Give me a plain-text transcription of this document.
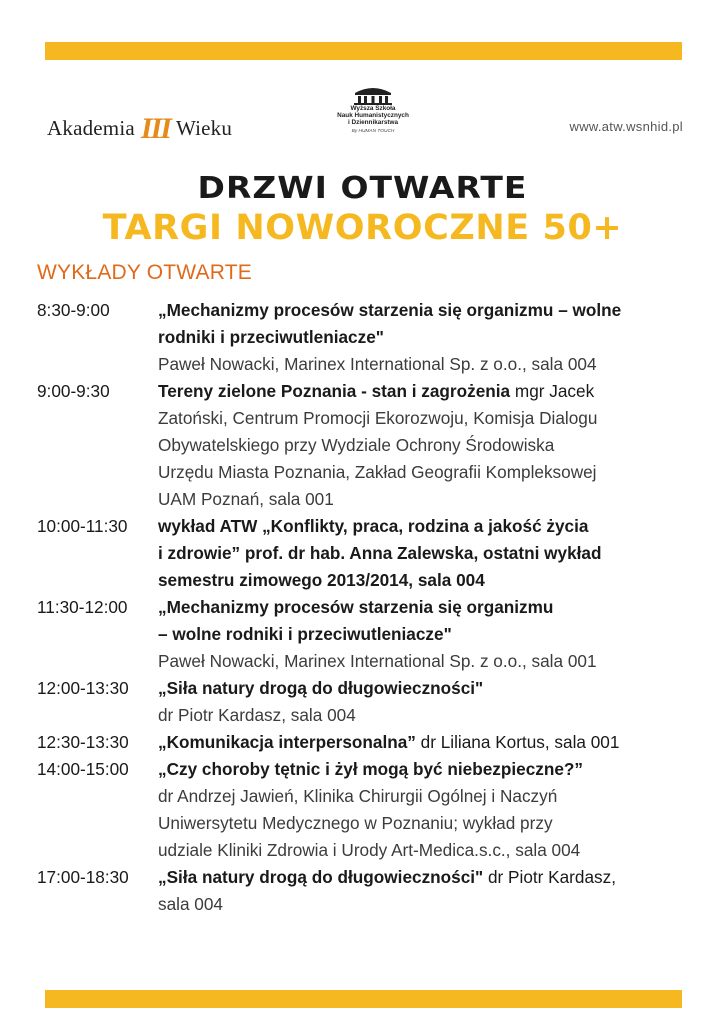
Akademia III Wieku
Wyższa Szkoła
Nauk Humanistycznych
i Dziennikarstwa
By HUMAN TOUCH	www.atw.wsnhid.pl
DRZWI OTWARTE
TARGI NOWOROCZNE 50+
WYKŁADY OTWARTE
8:30-9:00	„Mechanizmy procesów starzenia się organizmu – wolne
rodniki i przeciwutleniacze"
Paweł Nowacki, Marinex International Sp. z o.o., sala 004
9:00-9:30	Tereny zielone Poznania - stan i zagrożenia mgr Jacek
Zatoński, Centrum Promocji Ekorozwoju, Komisja Dialogu
Obywatelskiego przy Wydziale Ochrony Środowiska
Urzędu Miasta Poznania, Zakład Geografii Kompleksowej
UAM Poznań, sala 001
10:00-11:30 wykład ATW „Konflikty, praca, rodzina a jakość życia
i zdrowie” prof. dr hab. Anna Zalewska, ostatni wykład
semestru zimowego 2013/2014, sala 004
11:30-12:00 „Mechanizmy procesów starzenia się organizmu
– wolne rodniki i przeciwutleniacze"
Paweł Nowacki, Marinex International Sp. z o.o., sala 001
12:00-13:30 „Siła natury drogą do długowieczności"
dr Piotr Kardasz, sala 004
12:30-13:30 „Komunikacja interpersonalna” dr Liliana Kortus, sala 001
14:00-15:00 „Czy choroby tętnic i żył mogą być niebezpieczne?”
dr Andrzej Jawień, Klinika Chirurgii Ogólnej i Naczyń
Uniwersytetu Medycznego w Poznaniu; wykład przy
udziale Kliniki Zdrowia i Urody Art-Medica.s.c., sala 004
17:00-18:30 „Siła natury drogą do długowieczności" dr Piotr Kardasz,
sala 004
